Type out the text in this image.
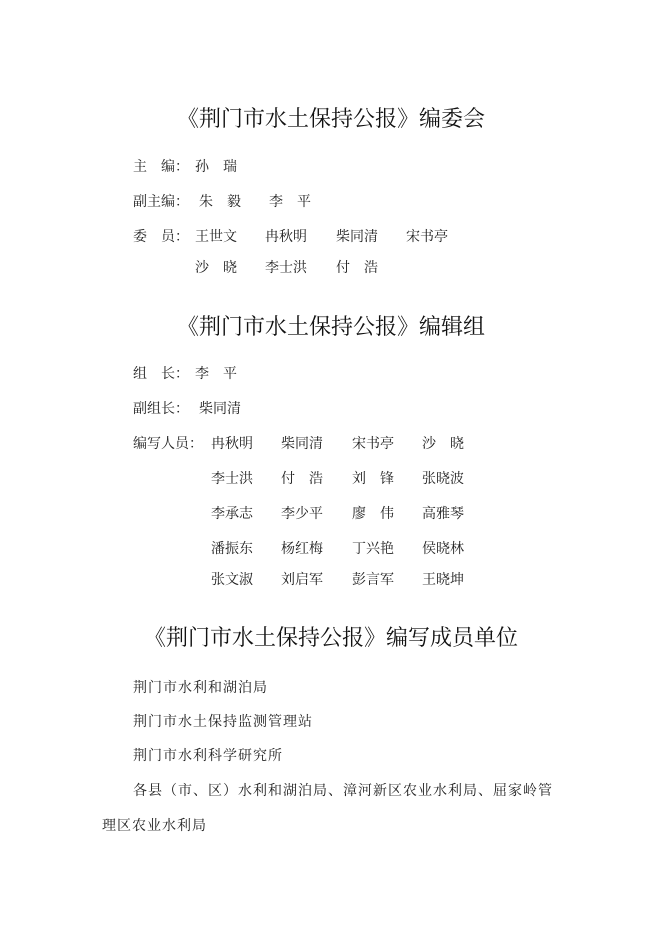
《荆门市水土保持公报》编委会
主　编： 孙　瑞
副主编： 朱　毅 李　平
委　员： 王世文 冉秋明 柴同清 宋书亭
沙　晓 李士洪 付　浩
《荆门市水土保持公报》编辑组
组　长： 李　平
副组长： 柴同清
编写人员： 冉秋明 柴同清 宋书亭 沙　晓
李士洪 付　浩 刘　锋 张晓波
李承志 李少平 廖　伟 高雅琴
潘振东 杨红梅 丁兴艳 侯晓林
张文淑 刘启军 彭言军 王晓坤
《荆门市水土保持公报》编写成员单位
荆门市水利和湖泊局
荆门市水土保持监测管理站
荆门市水利科学研究所
各县（市、区）水利和湖泊局、漳河新区农业水利局、屈家岭管
理区农业水利局
